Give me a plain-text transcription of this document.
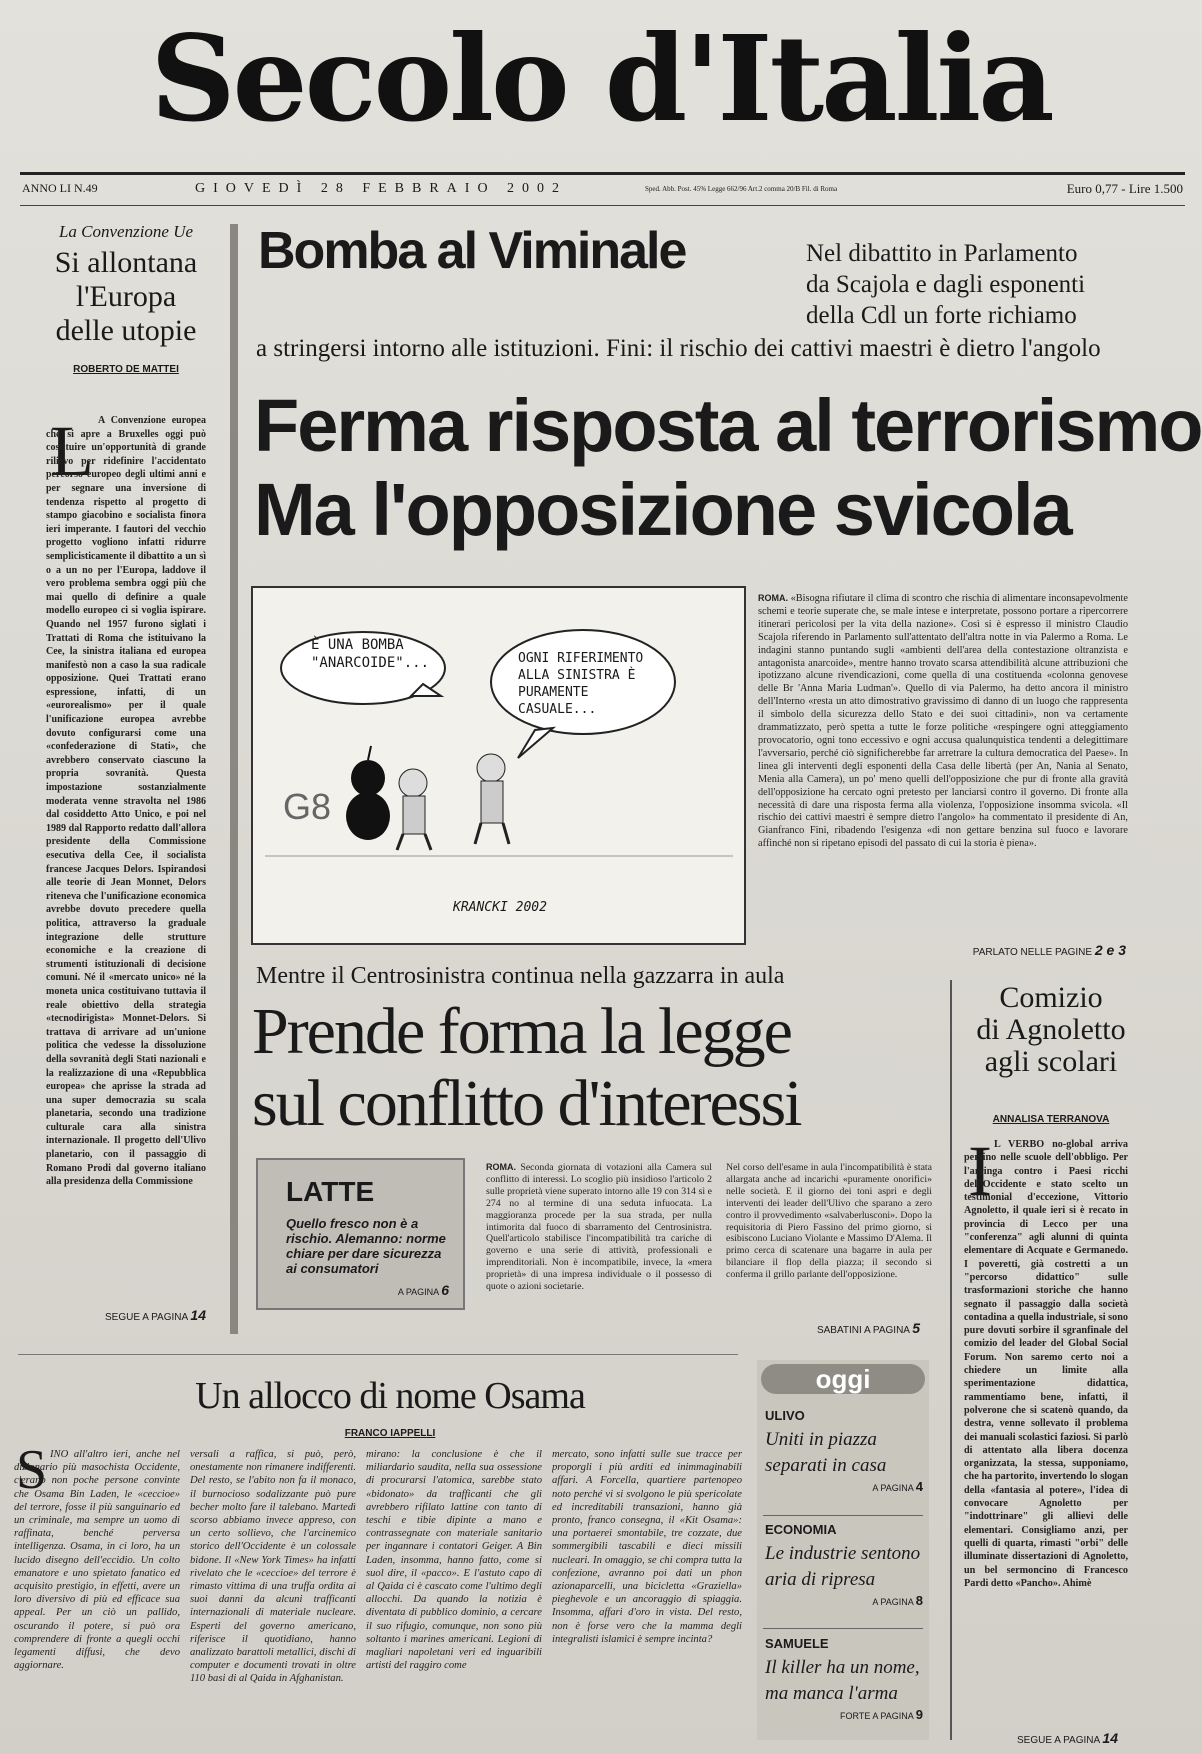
Secolo d'Italia
ANNO LI N.49	GIOVEDÌ 28 FEBBRAIO 2002	Sped. Abb. Post. 45% Legge 662/96 Art.2 comma 20/B Fil. di Roma	Euro 0,77 - Lire 1.500
La Convenzione Ue
Si allontana
l'Europa
delle utopie
ROBERTO DE MATTEI
L A Convenzione europea che si apre a Bruxelles oggi può costituire un'opportunità di grande rilievo per ridefinire l'accidentato percorso europeo degli ultimi anni e per segnare una inversione di tendenza rispetto al progetto di stampo giacobino e socialista finora ieri imperante. I fautori del vecchio progetto vogliono infatti ridurre semplicisticamente il dibattito a un sì o a un no per l'Europa, laddove il vero problema sembra oggi più che mai quello di definire a quale modello europeo ci si voglia ispirare. Quando nel 1957 furono siglati i Trattati di Roma che istituivano la Cee, la sinistra italiana ed europea manifestò non a caso la sua radicale opposizione. Quei Trattati erano espressione, infatti, di un «eurorealismo» per il quale l'unificazione europea avrebbe dovuto configurarsi come una «confederazione di Stati», che avrebbero conservato ciascuno la propria sovranità. Questa impostazione sostanzialmente moderata venne stravolta nel 1986 dal cosiddetto Atto Unico, e poi nel 1989 dal Rapporto redatto dall'allora presidente della Commissione esecutiva della Cee, il socialista francese Jacques Delors. Ispirandosi alle teorie di Jean Monnet, Delors riteneva che l'unificazione economica avrebbe dovuto precedere quella politica, attraverso la graduale integrazione delle strutture economiche e la creazione di strumenti istituzionali di decisione comuni. Né il «mercato unico» né la moneta unica costituivano tuttavia il reale obiettivo della strategia «tecnodirigista» Monnet-Delors. Si trattava di arrivare ad un'unione politica che vedesse la dissoluzione della sovranità degli Stati nazionali e la realizzazione di una «Repubblica europea» che aprisse la strada ad una super democrazia su scala planetaria, secondo una tradizione culturale cara alla sinistra internazionale. Il progetto dell'Ulivo planetario, con il passaggio di Romano Prodi dal governo italiano alla presidenza della Commissione
SEGUE A PAGINA 14
Bomba al Viminale	Nel dibattito in Parlamento da Scajola e dagli esponenti della Cdl un forte richiamo
a stringersi intorno alle istituzioni. Fini: il rischio dei cattivi maestri è dietro l'angolo
Ferma risposta al terrorismo
Ma l'opposizione svicola
È UNA BOMBA "ANARCOIDE"...	OGNI RIFERIMENTO ALLA SINISTRA È PURAMENTE CASUALE...
G8
KRANCKI 2002
ROMA. «Bisogna rifiutare il clima di scontro che rischia di alimentare inconsapevolmente schemi e teorie superate che, se male intese e interpretate, possono portare a ripercorrere itinerari pericolosi per la vita della nazione». Così si è espresso il ministro Claudio Scajola riferendo in Parlamento sull'attentato dell'altra notte in via Palermo a Roma. Le indagini stanno puntando sugli «ambienti dell'area della contestazione oltranzista e antagonista anarcoide», mentre hanno trovato scarsa attendibilità alcune attribuzioni che ipotizzano alcune rivendicazioni, come quella di una costituenda «colonna genovese delle Br 'Anna Maria Ludman'». Quello di via Palermo, ha detto ancora il ministro dell'Interno «resta un atto dimostrativo gravissimo di danno di un luogo che rappresenta il simbolo della sicurezza dello Stato e dei suoi cittadini», non va certamente drammatizzato, però spetta a tutte le forze politiche «respingere ogni atteggiamento provocatorio, ogni tono eccessivo e ogni accusa qualunquistica tendenti a delegittimare l'avversario, perché ciò significherebbe far arretrare la cultura democratica del Paese». In linea gli interventi degli esponenti della Casa delle libertà (per An, Nania al Senato, Menia alla Camera), un po' meno quelli dell'opposizione che pur di fronte alla gravità dell'opposizione ha cercato ogni pretesto per lanciarsi contro il governo. Di fronte alla necessità di dare una risposta ferma alla violenza, l'opposizione insomma svicola. «Il rischio dei cattivi maestri è sempre dietro l'angolo» ha commentato il presidente di An, Gianfranco Fini, ribadendo l'esigenza «di non gettare benzina sul fuoco e lavorare affinché non si ripetano episodi del passato di cui la storia è piena».
PARLATO NELLE PAGINE 2 e 3
Mentre il Centrosinistra continua nella gazzarra in aula
Prende forma la legge
sul conflitto d'interessi
LATTE
Quello fresco non è a rischio. Alemanno: norme chiare per dare sicurezza ai consumatori
A PAGINA 6
ROMA. Seconda giornata di votazioni alla Camera sul conflitto di interessi. Lo scoglio più insidioso l'articolo 2 sulle proprietà viene superato intorno alle 19 con 314 sì e 274 no al termine di una seduta infuocata. La maggioranza procede per la sua strada, per nulla intimorita dal fuoco di sbarramento del Centrosinistra. Quell'articolo stabilisce l'incompatibilità tra cariche di governo e una serie di attività, professionali e imprenditoriali. Non è incompatibile, invece, la «mera proprietà» di una impresa individuale o il possesso di quote o azioni societarie.
Nel corso dell'esame in aula l'incompatibilità è stata allargata anche ad incarichi «puramente onorifici» nelle società. E il giorno dei toni aspri e degli interventi dei leader dell'Ulivo che sparano a zero contro il provvedimento «salvaberlusconi». Dopo la requisitoria di Piero Fassino del primo giorno, si esibiscono Luciano Violante e Massimo D'Alema. Il primo cerca di scatenare una bagarre in aula per bilanciare il flop della piazza; il secondo si conferma il grillo parlante dell'opposizione.
SABATINI A PAGINA 5
Comizio
di Agnoletto
agli scolari
ANNALISA TERRANOVA
I L VERBO no-global arriva persino nelle scuole dell'obbligo. Per l'arringa contro i Paesi ricchi dell'Occidente e stato scelto un testimonial d'eccezione, Vittorio Agnoletto, il quale ieri si è recato in provincia di Lecco per una "conferenza" agli alunni di quinta elementare di Acquate e Germanedo. I poveretti, già costretti a un "percorso didattico" sulle trasformazioni storiche che hanno segnato il passaggio dalla società contadina a quella industriale, si sono pure dovuti sorbire il sgranfinale del comizio del leader del Global Social Forum. Non saremo certo noi a chiedere un limite alla sperimentazione didattica, rammentiamo bene, infatti, il polverone che si scatenò quando, da destra, venne sollevato il problema dei manuali scolastici faziosi. Si parlò di attentato alla libera docenza organizzata, la stessa, supponiamo, che ha partorito, invertendo lo slogan della «fantasia al potere», l'idea di convocare Agnoletto per "indottrinare" gli allievi delle elementari. Consigliamo anzi, per quelli di quarta, rimasti "orbi" delle illuminate dissertazioni di Agnoletto, un bel sermoncino di Francesco Pardi detto «Pancho». Ahimè
SEGUE A PAGINA 14
Un allocco di nome Osama
FRANCO IAPPELLI
S INO all'altro ieri, anche nel dizionario più masochista Occidente, c'erano non poche persone convinte che Osama Bin Laden, le «ceccioe» del terrore, fosse il più sanguinario ed un criminale, ma sempre un uomo di raffinata, benché perversa intelligenza. Osama, in ci loro, ha un lucido disegno dell'eccidio. Un colto emanatore e uno spietato fanatico ed acquisito prestigio, in effetti, avere un loro diversivo di più ed efficace sua appeal. Per un ciò un pallido, oscurando il potere, si può ora comprendere di fronte a quegli occhi legamenti diffusi, che devo aggiornare.
versali a raffica, si può, però, onestamente non rimanere indifferenti. Del resto, se l'abito non fa il monaco, il burnocioso sodalizzante può pure becher molto fare il talebano. Martedì scorso abbiamo invece appreso, con un certo sollievo, che l'arcinemico storico dell'Occidente è un colossale bidone. Il «New York Times» ha infatti rivelato che le «ceccioe» del terrore è rimasto vittima di una truffa ordita ai suoi danni da alcuni trafficanti internazionali di materiale nucleare. Esperti del governo americano, riferisce il quotidiano, hanno analizzato barattoli metallici, dischi di computer e documenti trovati in oltre 110 basi di al Qaida in Afghanistan.
mirano: la conclusione è che il miliardario saudita, nella sua ossessione di procurarsi l'atomica, sarebbe stato «bidonato» da trafficanti che gli avrebbero rifilato lattine con tanto di teschi e tibie dipinte a mano e contrassegnate con materiale sanitario per ingannare i contatori Geiger. A Bin Laden, insomma, hanno fatto, come si suol dire, il «pacco». E l'astuto capo di al Qaida ci è cascato come l'ultimo degli allocchi. Da quando la notizia è diventata di pubblico dominio, a cercare il suo rifugio, comunque, non sono più soltanto i marines americani. Legioni di magliari napoletani veri ed inguaribili artisti del raggiro come
mercato, sono infatti sulle sue tracce per proporgli i più arditi ed inimmaginabili affari. A Forcella, quartiere partenopeo noto perché vi si svolgono le più spericolate ed increditabili transazioni, hanno già pronto, franco consegna, il «Kit Osama»: una portaerei smontabile, tre cozzate, due sommergibili tascabili e dieci missili nucleari. In omaggio, se chi compra tutta la confezione, avranno poi dati un phon azionaparcelli, una bicicletta «Graziella» pieghevole e un ancoraggio di spiaggia. Insomma, affari d'oro in vista. Del resto, non è forse vero che la mamma degli integralisti islamici è sempre incinta?
oggi
ULIVO
Uniti in piazza separati in casa
A PAGINA 4
ECONOMIA
Le industrie sentono aria di ripresa
A PAGINA 8
SAMUELE
Il killer ha un nome, ma manca l'arma
FORTE A PAGINA 9
